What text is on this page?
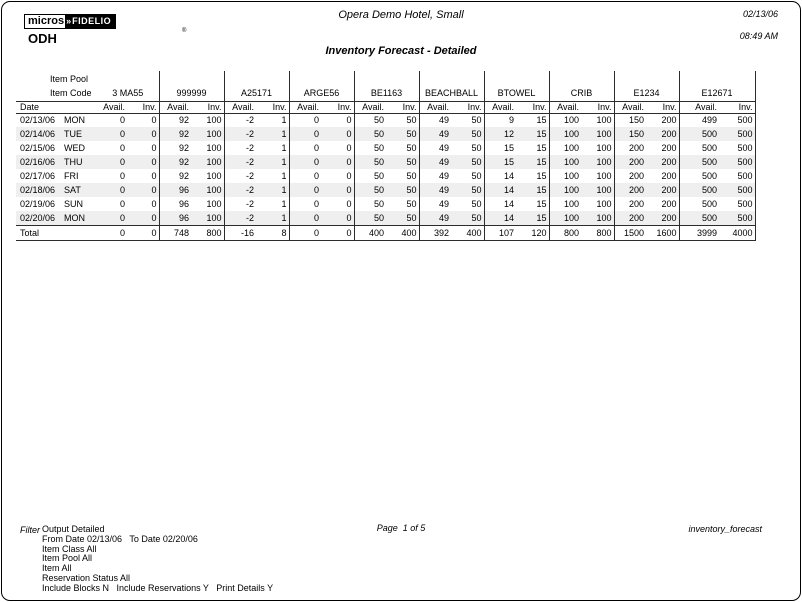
micros » FIDELIO
®
ODH
Opera Demo Hotel, Small
Inventory Forecast - Detailed
02/13/06
08:49 AM
Item Pool																					
Item Code		3 MA55		999999		A25171		ARGE56		BE1163		BEACHBALL		BTOWEL		CRIB		E1234		E12671	
Date		Avail.	Inv.	Avail.	Inv.	Avail.	Inv.	Avail.	Inv.	Avail.	Inv.	Avail.	Inv.	Avail.	Inv.	Avail.	Inv.	Avail.	Inv.	Avail.	Inv.
02/13/06	MON	0	0	92	100	-2	1	0	0	50	50	49	50	9	15	100	100	150	200	499	500
02/14/06	TUE	0	0	92	100	-2	1	0	0	50	50	49	50	12	15	100	100	150	200	500	500
02/15/06	WED	0	0	92	100	-2	1	0	0	50	50	49	50	15	15	100	100	200	200	500	500
02/16/06	THU	0	0	92	100	-2	1	0	0	50	50	49	50	15	15	100	100	200	200	500	500
02/17/06	FRI	0	0	92	100	-2	1	0	0	50	50	49	50	14	15	100	100	200	200	500	500
02/18/06	SAT	0	0	96	100	-2	1	0	0	50	50	49	50	14	15	100	100	200	200	500	500
02/19/06	SUN	0	0	96	100	-2	1	0	0	50	50	49	50	14	15	100	100	200	200	500	500
02/20/06	MON	0	0	96	100	-2	1	0	0	50	50	49	50	14	15	100	100	200	200	500	500
Total		0	0	748	800	-16	8	0	0	400	400	392	400	107	120	800	800	1500	1600	3999	4000
Filter Output Detailed
From Date 02/13/06   To Date 02/20/06
Item Class All
Item Pool All
Item All
Reservation Status All
Include Blocks N   Include Reservations Y   Print Details Y
Page  1 of 5	inventory_forecast
